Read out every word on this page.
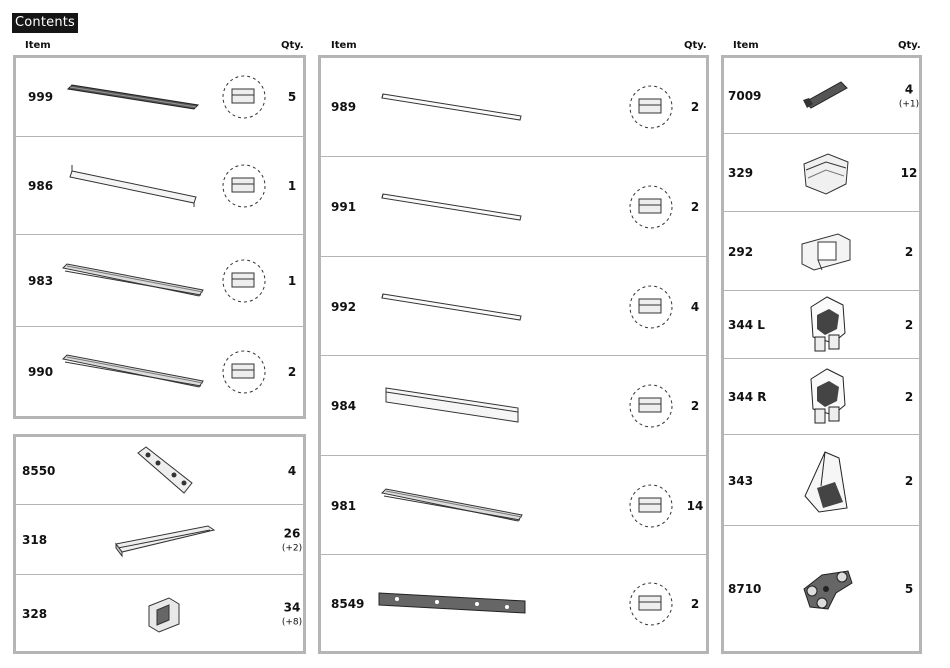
Contents
Item	Qty.	Item	Qty.	Item	Qty.
999	5
986	1
983	1
990	2
8550	4
318	26
(+2)
328	34
(+8)
989	2
991	2
992	4
984	2
981	14
8549	2
7009	4
(+1)
329	12
292	2
344 L	2
344 R	2
343	2
8710	5
